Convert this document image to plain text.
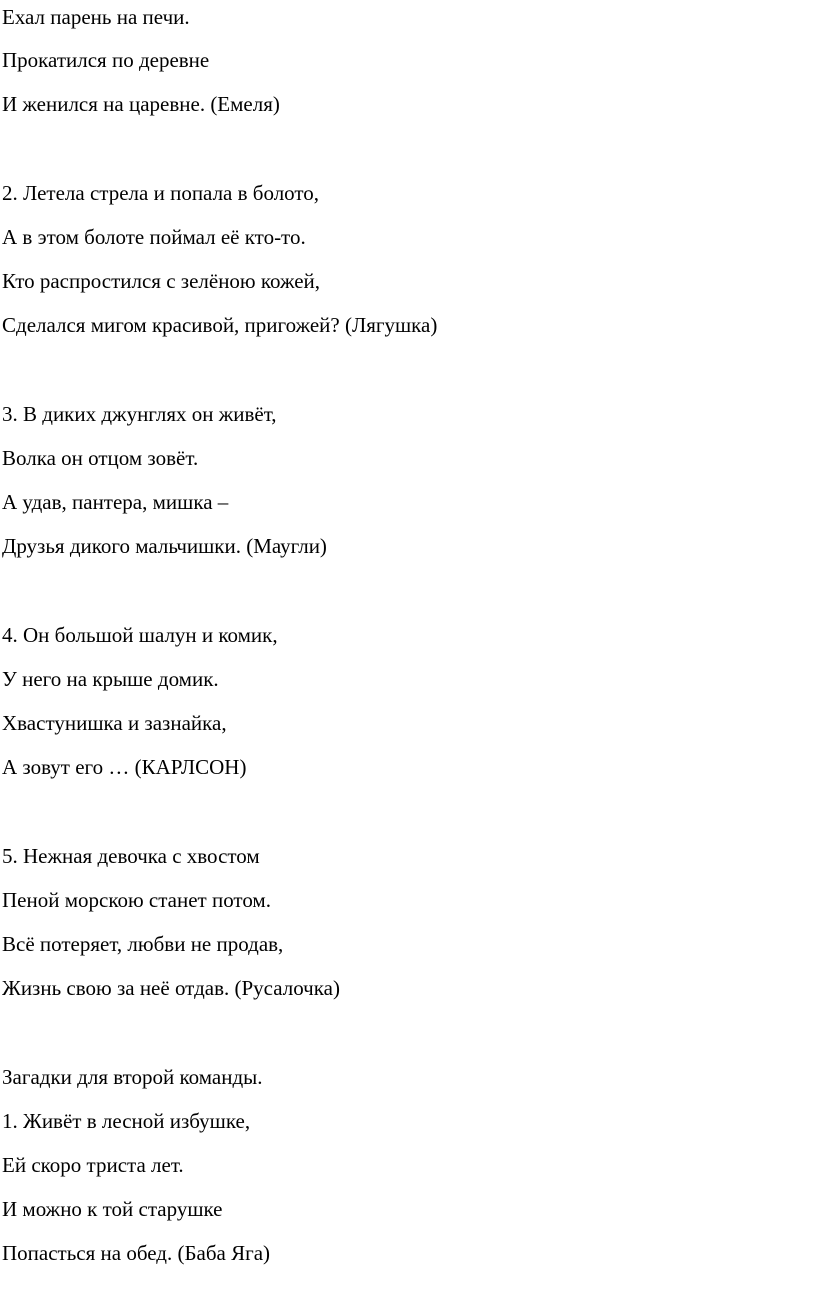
Ехал парень на печи.
Прокатился по деревне
И женился на царевне. (Емеля)
2. Летела стрела и попала в болото,
А в этом болоте поймал её кто-то.
Кто распростился с зелёною кожей,
Сделался мигом красивой, пригожей? (Лягушка)
3. В диких джунглях он живёт,
Волка он отцом зовёт.
А удав, пантера, мишка –
Друзья дикого мальчишки. (Маугли)
4. Он большой шалун и комик,
У него на крыше домик.
Хвастунишка и зазнайка,
А зовут его … (КАРЛСОН)
5. Нежная девочка с хвостом
Пеной морскою станет потом.
Всё потеряет, любви не продав,
Жизнь свою за неё отдав. (Русалочка)
Загадки для второй команды.
1. Живёт в лесной избушке,
Ей скоро триста лет.
И можно к той старушке
Попасться на обед. (Баба Яга)
